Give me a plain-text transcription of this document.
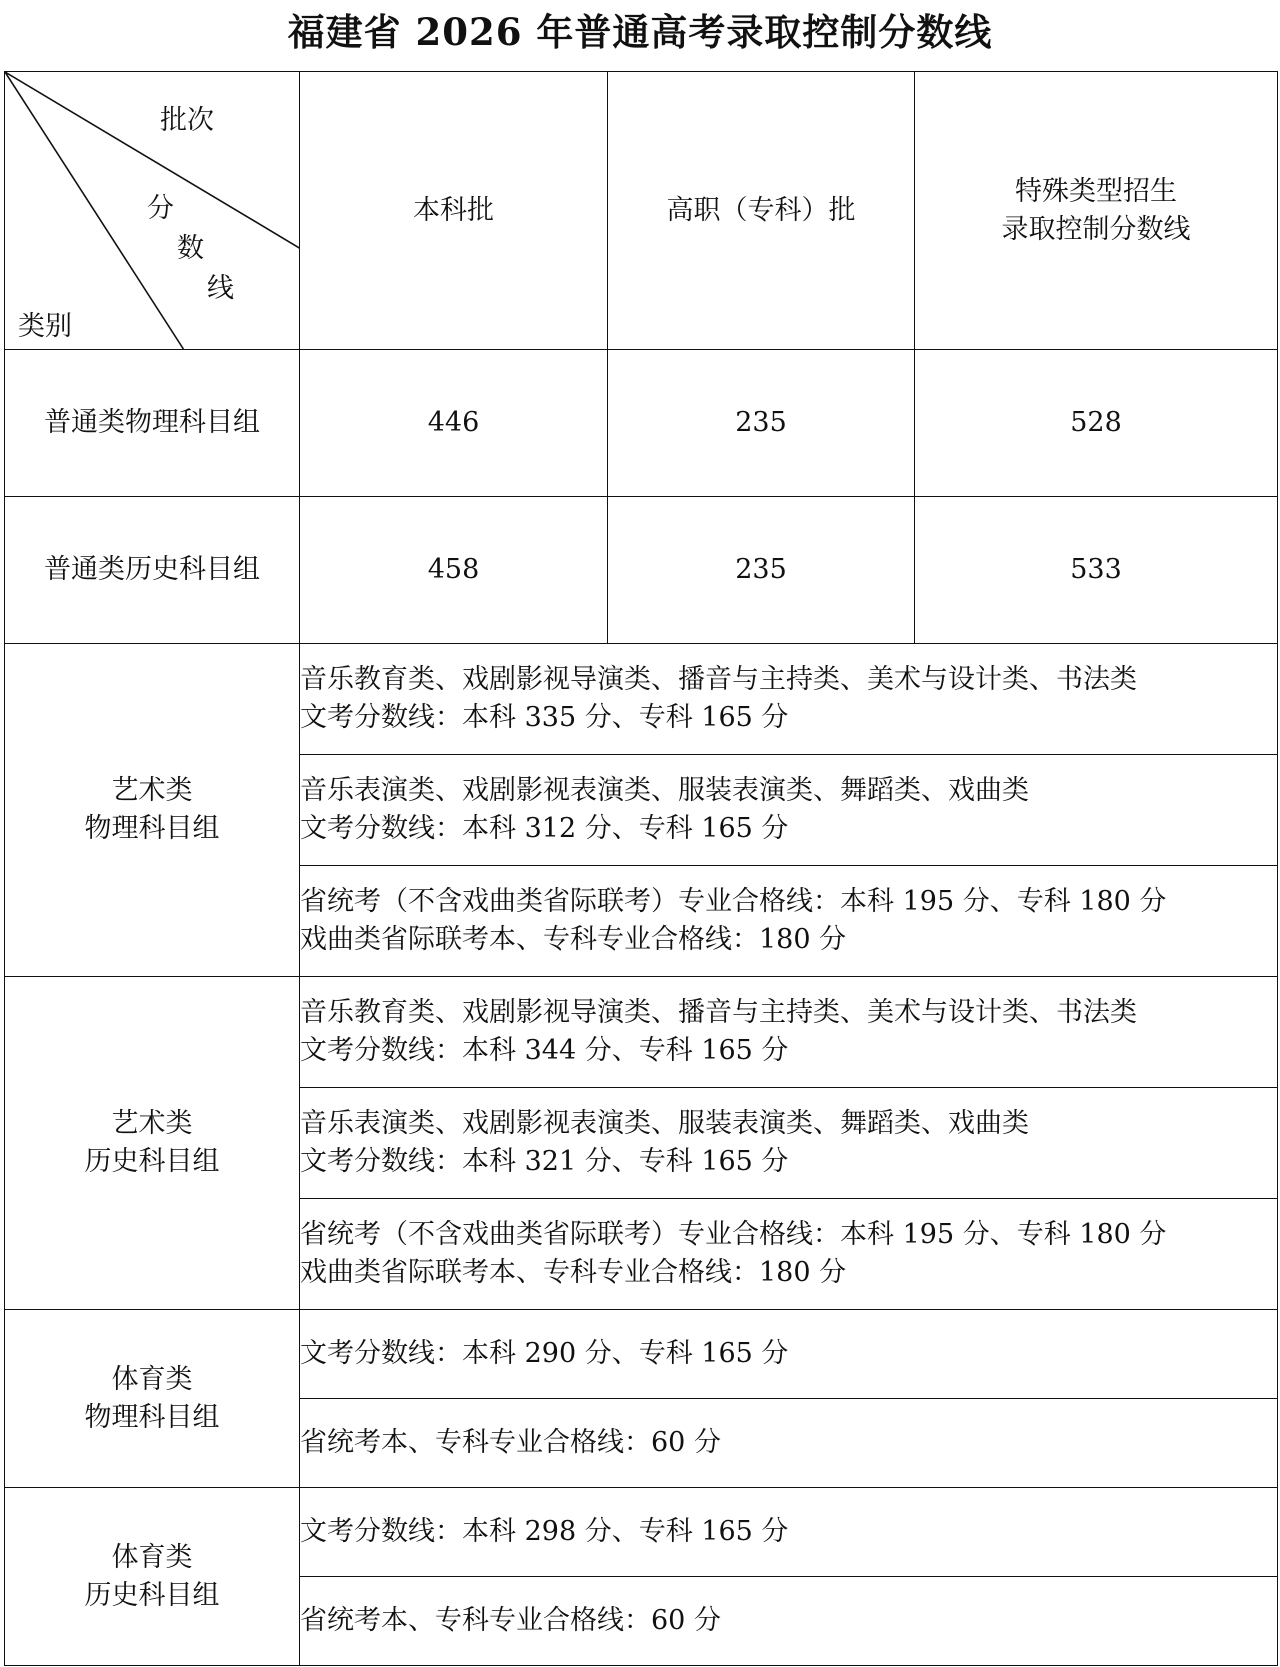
福建省 2026 年普通高考录取控制分数线
批次
分
数
线
类别	本科批	高职（专科）批	特殊类型招生
录取控制分数线

普通类物理科目组	446	235	528
普通类历史科目组	458	235	533

艺术类
物理科目组	音乐教育类、戏剧影视导演类、播音与主持类、美术与设计类、书法类
文考分数线：本科 335 分、专科 165 分		

	音乐表演类、戏剧影视表演类、服装表演类、舞蹈类、戏曲类
文考分数线：本科 312 分、专科 165 分		

	省统考（不含戏曲类省际联考）专业合格线：本科 195 分、专科 180 分
戏曲类省际联考本、专科专业合格线：180 分		

艺术类
历史科目组	音乐教育类、戏剧影视导演类、播音与主持类、美术与设计类、书法类
文考分数线：本科 344 分、专科 165 分		

	音乐表演类、戏剧影视表演类、服装表演类、舞蹈类、戏曲类
文考分数线：本科 321 分、专科 165 分		

	省统考（不含戏曲类省际联考）专业合格线：本科 195 分、专科 180 分
戏曲类省际联考本、专科专业合格线：180 分		

体育类
物理科目组	文考分数线：本科 290 分、专科 165 分		
	省统考本、专科专业合格线：60 分		

体育类
历史科目组	文考分数线：本科 298 分、专科 165 分		
	省统考本、专科专业合格线：60 分		
